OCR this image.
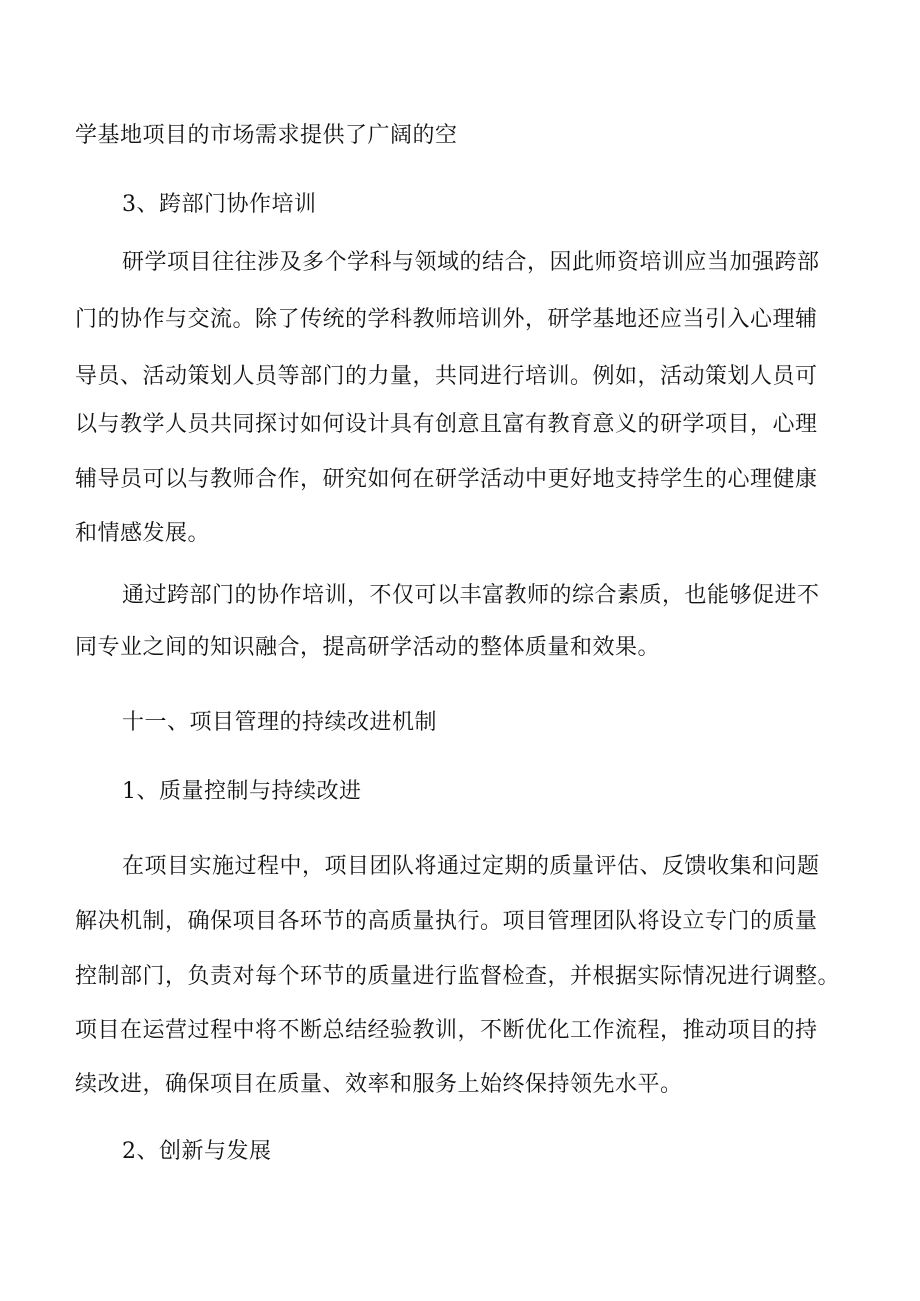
学基地项目的市场需求提供了广阔的空
3、跨部门协作培训
研学项目往往涉及多个学科与领域的结合，因此师资培训应当加强跨部
门的协作与交流。除了传统的学科教师培训外，研学基地还应当引入心理辅
导员、活动策划人员等部门的力量，共同进行培训。例如，活动策划人员可
以与教学人员共同探讨如何设计具有创意且富有教育意义的研学项目，心理
辅导员可以与教师合作，研究如何在研学活动中更好地支持学生的心理健康
和情感发展。
通过跨部门的协作培训，不仅可以丰富教师的综合素质，也能够促进不
同专业之间的知识融合，提高研学活动的整体质量和效果。
十一、项目管理的持续改进机制
1、质量控制与持续改进
在项目实施过程中，项目团队将通过定期的质量评估、反馈收集和问题
解决机制，确保项目各环节的高质量执行。项目管理团队将设立专门的质量
控制部门，负责对每个环节的质量进行监督检查，并根据实际情况进行调整。
项目在运营过程中将不断总结经验教训，不断优化工作流程，推动项目的持
续改进，确保项目在质量、效率和服务上始终保持领先水平。
2、创新与发展
